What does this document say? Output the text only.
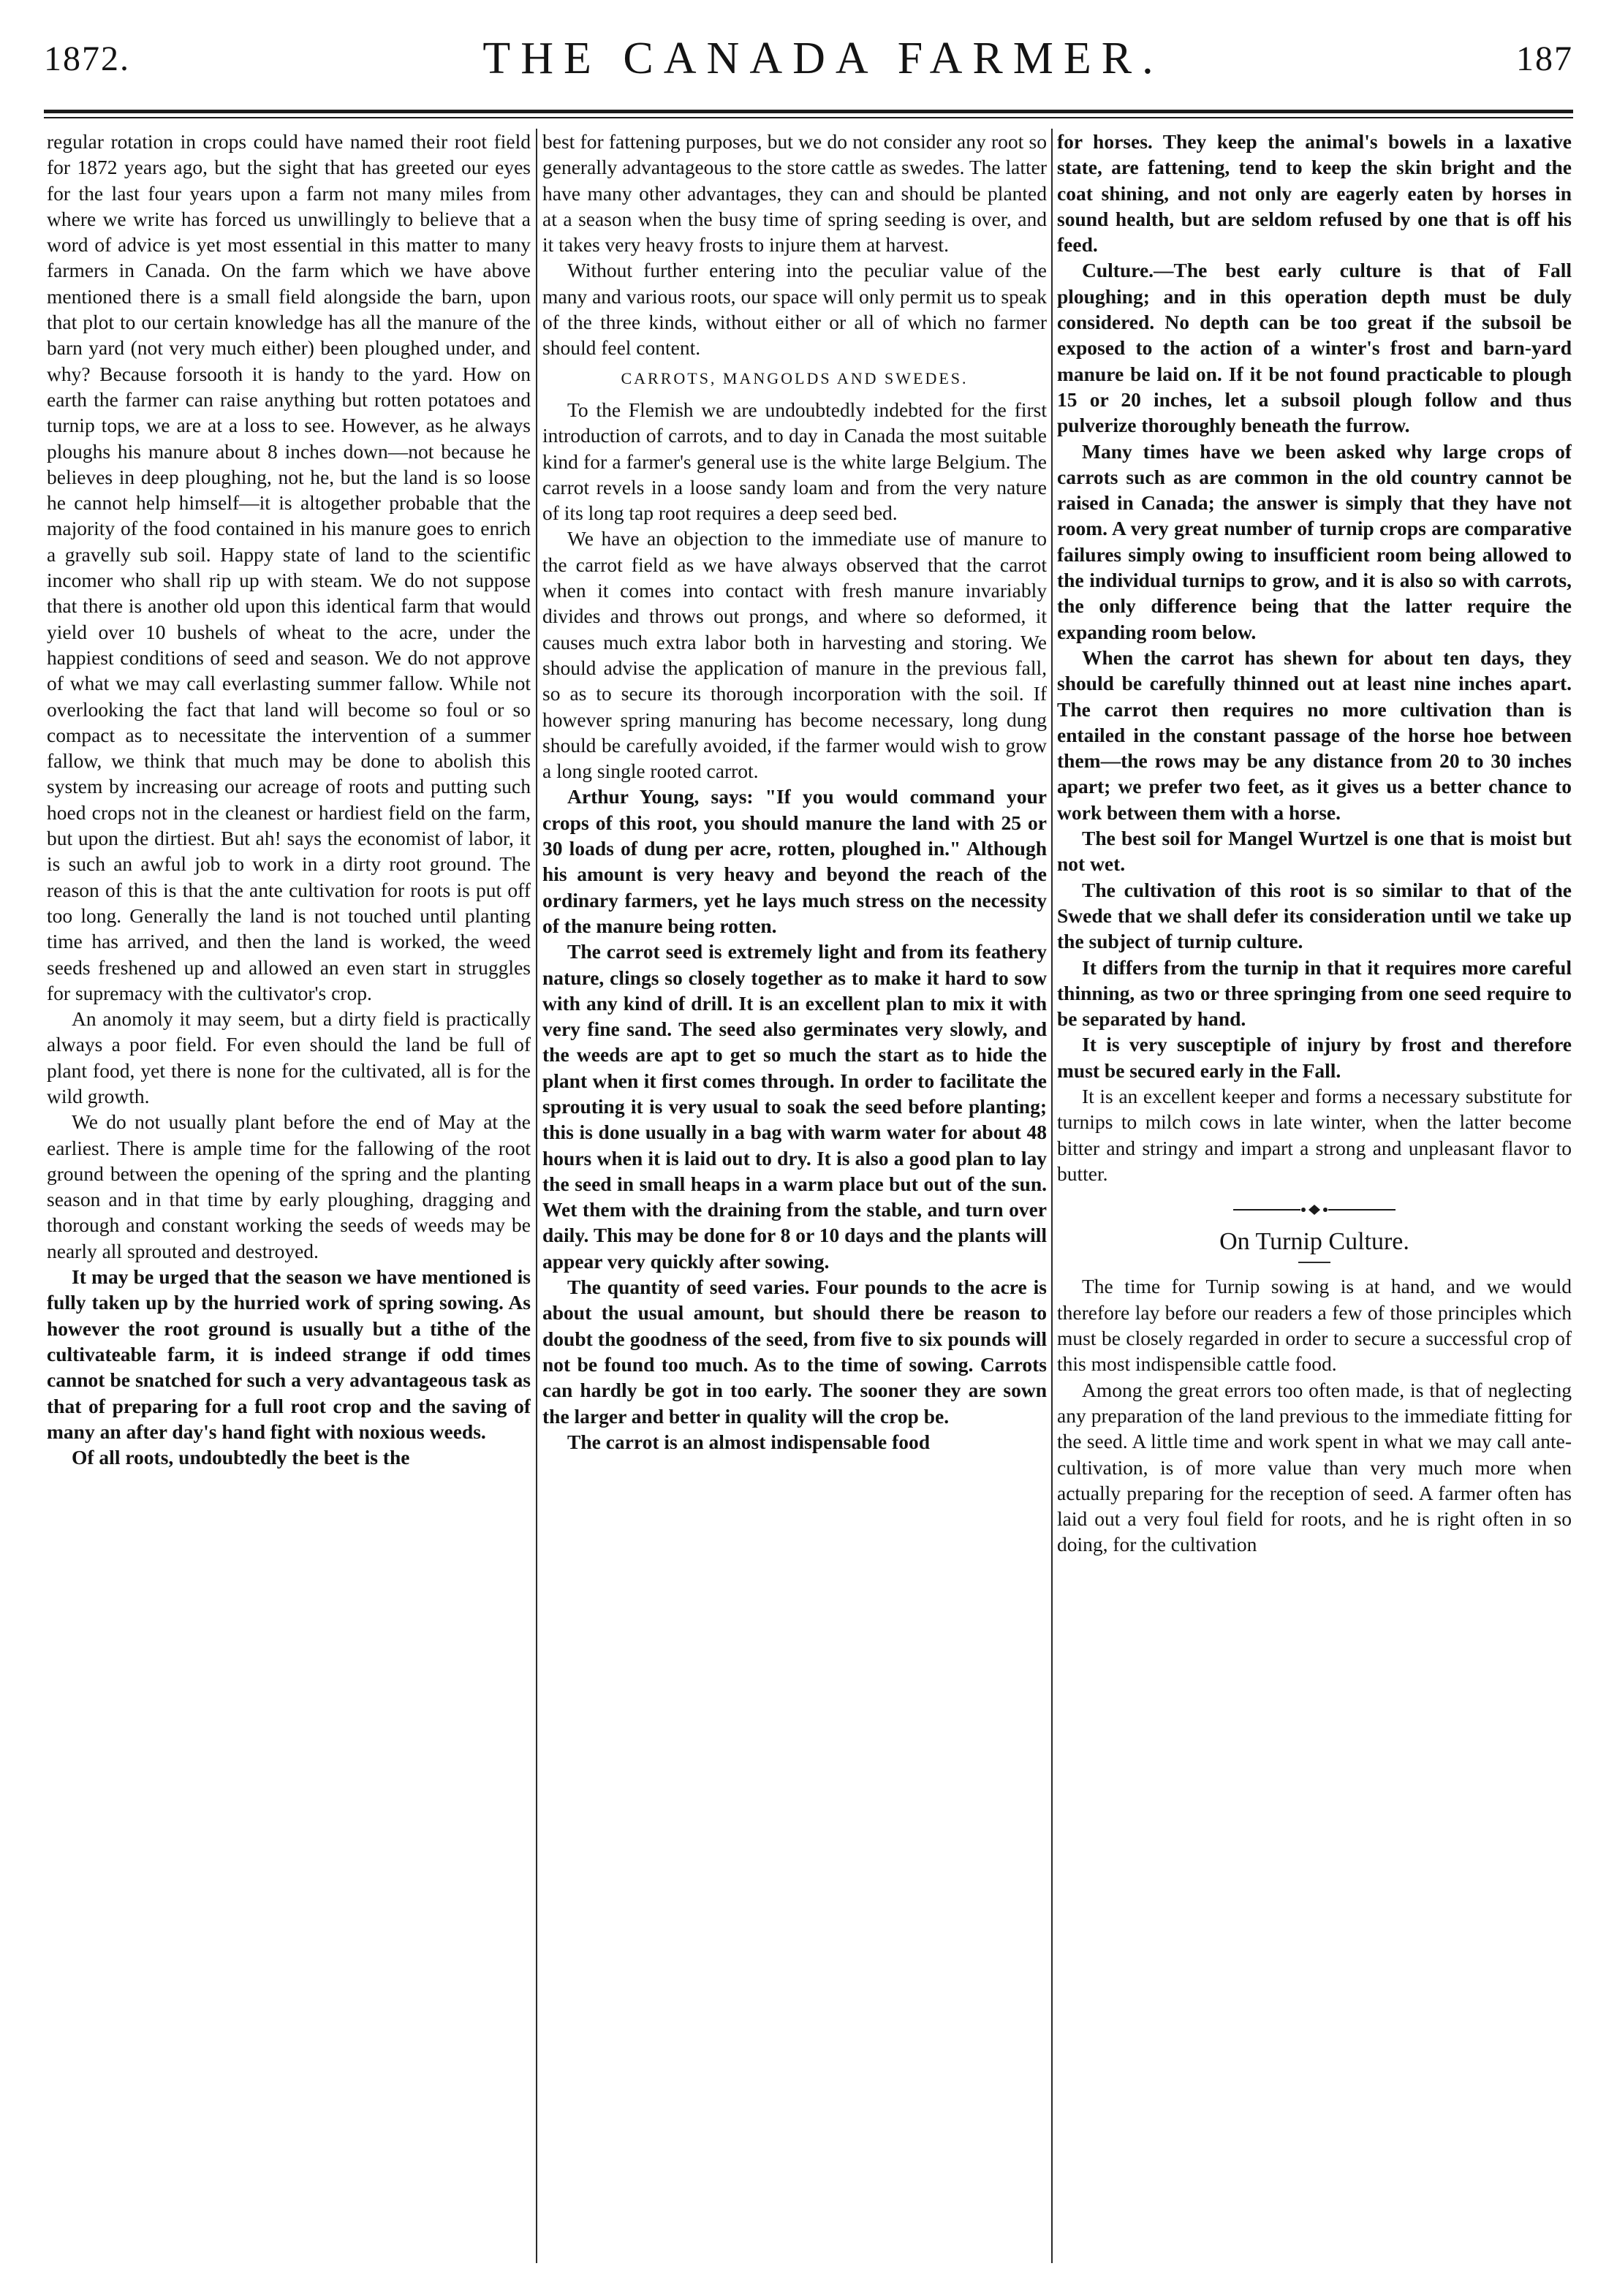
1872.	THE CANADA FARMER.	187

regular rotation in crops could have named their root field for 1872 years ago, but the sight that has greeted our eyes for the last four years upon a farm not many miles from where we write has forced us unwillingly to believe that a word of advice is yet most essential in this matter to many farmers in Canada. On the farm which we have above mentioned there is a small field alongside the barn, upon that plot to our certain knowledge has all the manure of the barn yard (not very much either) been ploughed under, and why? Because forsooth it is handy to the yard. How on earth the farmer can raise anything but rotten potatoes and turnip tops, we are at a loss to see. However, as he always ploughs his manure about 8 inches down—not because he believes in deep ploughing, not he, but the land is so loose he cannot help himself—it is altogether probable that the majority of the food contained in his manure goes to enrich a gravelly sub soil. Happy state of land to the scientific incomer who shall rip up with steam. We do not suppose that there is another old upon this identical farm that would yield over 10 bushels of wheat to the acre, under the happiest conditions of seed and season. We do not approve of what we may call everlasting summer fallow. While not overlooking the fact that land will become so foul or so compact as to necessitate the intervention of a summer fallow, we think that much may be done to abolish this system by increasing our acreage of roots and putting such hoed crops not in the cleanest or hardiest field on the farm, but upon the dirtiest. But ah! says the economist of labor, it is such an awful job to work in a dirty root ground. The reason of this is that the ante cultivation for roots is put off too long. Generally the land is not touched until planting time has arrived, and then the land is worked, the weed seeds freshened up and allowed an even start in struggles for supremacy with the cultivator's crop.

An anomoly it may seem, but a dirty field is practically always a poor field. For even should the land be full of plant food, yet there is none for the cultivated, all is for the wild growth.

We do not usually plant before the end of May at the earliest. There is ample time for the fallowing of the root ground between the opening of the spring and the planting season and in that time by early ploughing, dragging and thorough and constant working the seeds of weeds may be nearly all sprouted and destroyed.

It may be urged that the season we have mentioned is fully taken up by the hurried work of spring sowing. As however the root ground is usually but a tithe of the cultivateable farm, it is indeed strange if odd times cannot be snatched for such a very advantageous task as that of preparing for a full root crop and the saving of many an after day's hand fight with noxious weeds.

Of all roots, undoubtedly the beet is the

best for fattening purposes, but we do not consider any root so generally advantageous to the store cattle as swedes. The latter have many other advantages, they can and should be planted at a season when the busy time of spring seeding is over, and it takes very heavy frosts to injure them at harvest.

Without further entering into the peculiar value of the many and various roots, our space will only permit us to speak of the three kinds, without either or all of which no farmer should feel content.

CARROTS, MANGOLDS AND SWEDES.

To the Flemish we are undoubtedly indebted for the first introduction of carrots, and to day in Canada the most suitable kind for a farmer's general use is the white large Belgium. The carrot revels in a loose sandy loam and from the very nature of its long tap root requires a deep seed bed.

We have an objection to the immediate use of manure to the carrot field as we have always observed that the carrot when it comes into contact with fresh manure invariably divides and throws out prongs, and where so deformed, it causes much extra labor both in harvesting and storing. We should advise the application of manure in the previous fall, so as to secure its thorough incorporation with the soil. If however spring manuring has become necessary, long dung should be carefully avoided, if the farmer would wish to grow a long single rooted carrot.

Arthur Young, says: "If you would command your crops of this root, you should manure the land with 25 or 30 loads of dung per acre, rotten, ploughed in." Although his amount is very heavy and beyond the reach of the ordinary farmers, yet he lays much stress on the necessity of the manure being rotten.

The carrot seed is extremely light and from its feathery nature, clings so closely together as to make it hard to sow with any kind of drill. It is an excellent plan to mix it with very fine sand. The seed also germinates very slowly, and the weeds are apt to get so much the start as to hide the plant when it first comes through. In order to facilitate the sprouting it is very usual to soak the seed before planting; this is done usually in a bag with warm water for about 48 hours when it is laid out to dry. It is also a good plan to lay the seed in small heaps in a warm place but out of the sun. Wet them with the draining from the stable, and turn over daily. This may be done for 8 or 10 days and the plants will appear very quickly after sowing.

The quantity of seed varies. Four pounds to the acre is about the usual amount, but should there be reason to doubt the goodness of the seed, from five to six pounds will not be found too much. As to the time of sowing. Carrots can hardly be got in too early. The sooner they are sown the larger and better in quality will the crop be.

The carrot is an almost indispensable food

for horses. They keep the animal's bowels in a laxative state, are fattening, tend to keep the skin bright and the coat shining, and not only are eagerly eaten by horses in sound health, but are seldom refused by one that is off his feed.

Culture.—The best early culture is that of Fall ploughing; and in this operation depth must be duly considered. No depth can be too great if the subsoil be exposed to the action of a winter's frost and barn-yard manure be laid on. If it be not found practicable to plough 15 or 20 inches, let a subsoil plough follow and thus pulverize thoroughly beneath the furrow.

Many times have we been asked why large crops of carrots such as are common in the old country cannot be raised in Canada; the answer is simply that they have not room. A very great number of turnip crops are comparative failures simply owing to insufficient room being allowed to the individual turnips to grow, and it is also so with carrots, the only difference being that the latter require the expanding room below.

When the carrot has shewn for about ten days, they should be carefully thinned out at least nine inches apart. The carrot then requires no more cultivation than is entailed in the constant passage of the horse hoe between them—the rows may be any distance from 20 to 30 inches apart; we prefer two feet, as it gives us a better chance to work between them with a horse.

The best soil for Mangel Wurtzel is one that is moist but not wet.

The cultivation of this root is so similar to that of the Swede that we shall defer its consideration until we take up the subject of turnip culture.

It differs from the turnip in that it requires more careful thinning, as two or three springing from one seed require to be separated by hand.

It is very susceptiple of injury by frost and therefore must be secured early in the Fall.

It is an excellent keeper and forms a necessary substitute for turnips to milch cows in late winter, when the latter become bitter and stringy and impart a strong and unpleasant flavor to butter.

On Turnip Culture.

The time for Turnip sowing is at hand, and we would therefore lay before our readers a few of those principles which must be closely regarded in order to secure a successful crop of this most indispensible cattle food.

Among the great errors too often made, is that of neglecting any preparation of the land previous to the immediate fitting for the seed. A little time and work spent in what we may call ante-cultivation, is of more value than very much more when actually preparing for the reception of seed. A farmer often has laid out a very foul field for roots, and he is right often in so doing, for the cultivation
